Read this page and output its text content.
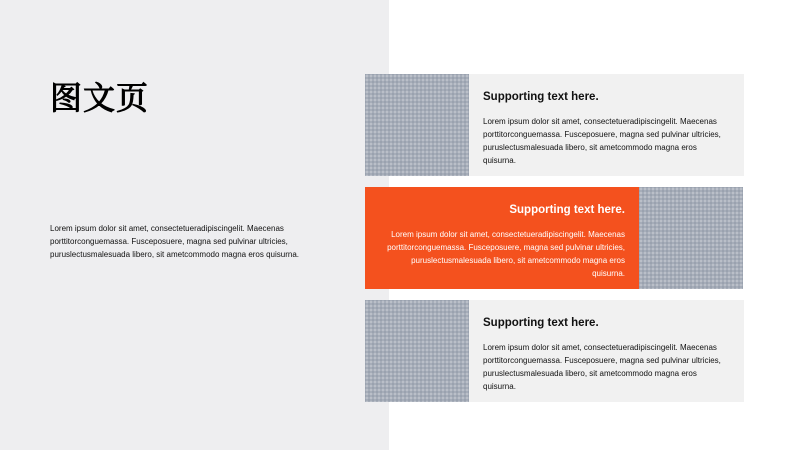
图文页

Lorem ipsum dolor sit amet, consectetueradipiscingelit. Maecenas porttitorconguemassa. Fusceposuere, magna sed pulvinar ultricies, puruslectusmalesuada libero, sit ametcommodo magna eros quisurna.

Supporting text here.
Lorem ipsum dolor sit amet, consectetueradipiscingelit. Maecenas porttitorconguemassa. Fusceposuere, magna sed pulvinar ultricies, puruslectusmalesuada libero, sit ametcommodo magna eros quisurna.
Supporting text here.
Lorem ipsum dolor sit amet, consectetueradipiscingelit. Maecenas porttitorconguemassa. Fusceposuere, magna sed pulvinar ultricies, puruslectusmalesuada libero, sit ametcommodo magna eros quisurna.
Supporting text here.
Lorem ipsum dolor sit amet, consectetueradipiscingelit. Maecenas porttitorconguemassa. Fusceposuere, magna sed pulvinar ultricies, puruslectusmalesuada libero, sit ametcommodo magna eros quisurna.
